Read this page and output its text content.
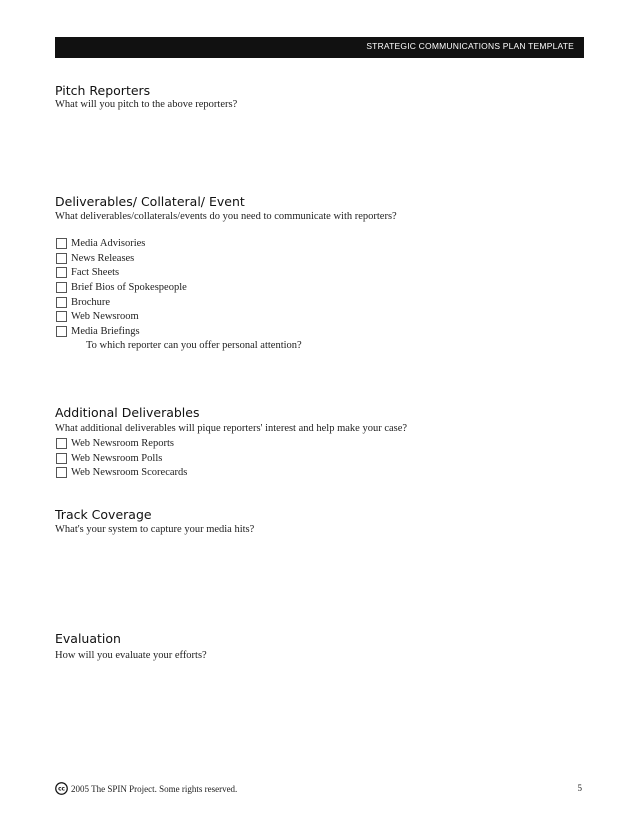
STRATEGIC COMMUNICATIONS PLAN TEMPLATE
Pitch Reporters
What will you pitch to the above reporters?
Deliverables/ Collateral/ Event
What deliverables/collaterals/events do you need to communicate with reporters?
Media Advisories
News Releases
Fact Sheets
Brief Bios of Spokespeople
Brochure
Web Newsroom
Media Briefings
To which reporter can you offer personal attention?
Additional Deliverables
What additional deliverables will pique reporters' interest and help make your case?
Web Newsroom Reports
Web Newsroom Polls
Web Newsroom Scorecards
Track Coverage
What's your system to capture your media hits?
Evaluation
How will you evaluate your efforts?
cc 2005 The SPIN Project. Some rights reserved.	5
